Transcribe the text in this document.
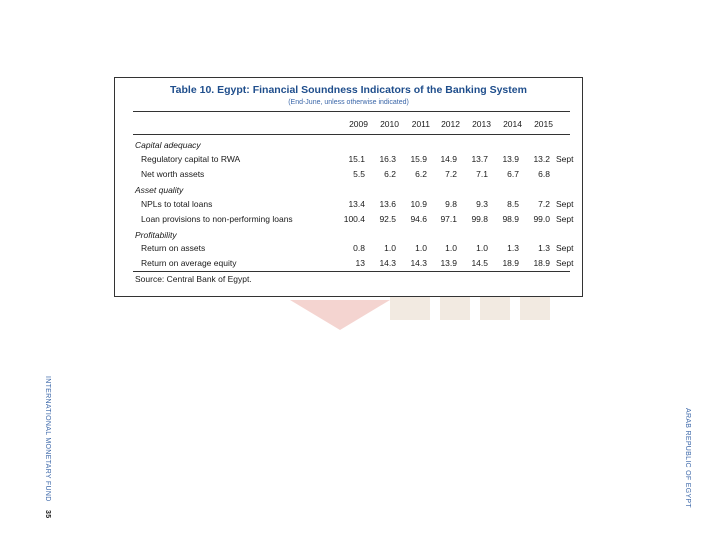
Table 10. Egypt: Financial Soundness Indicators of the Banking System
(End-June, unless otherwise indicated)
2009	2010	2011	2012	2013	2014	2015
Capital adequacy
Regulatory capital to RWA	15.1	16.3	15.9	14.9	13.7	13.9	13.2 Sept
Net worth assets	5.5	6.2	6.2	7.2	7.1	6.7	6.8
Asset quality
NPLs to total loans	13.4	13.6	10.9	9.8	9.3	8.5	7.2 Sept
Loan provisions to non-performing loans	100.4	92.5	94.6	97.1	99.8	98.9	99.0 Sept
Profitability
Return on assets	0.8	1.0	1.0	1.0	1.0	1.3	1.3 Sept
Return on average equity	13	14.3	14.3	13.9	14.5	18.9	18.9 Sept
Source: Central Bank of Egypt.
INTERNATIONAL MONETARY FUND 35
ARAB REPUBLIC OF EGYPT
